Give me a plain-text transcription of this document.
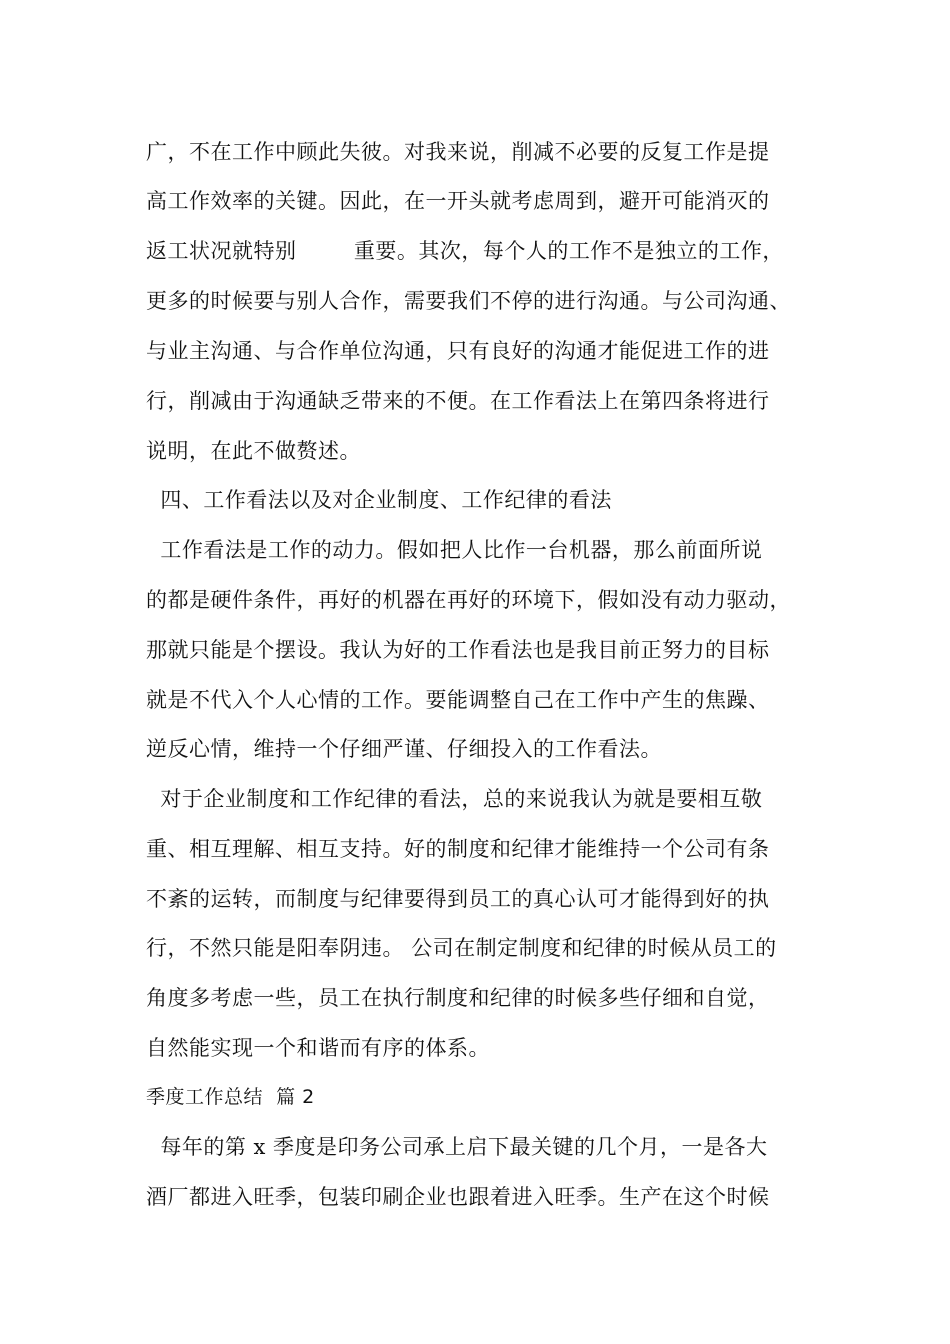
广，不在工作中顾此失彼。对我来说，削减不必要的反复工作是提
高工作效率的关键。因此，在一开头就考虑周到，避开可能消灭的
返工状况就特别        重要。其次，每个人的工作不是独立的工作，
更多的时候要与别人合作，需要我们不停的进行沟通。与公司沟通、
与业主沟通、与合作单位沟通，只有良好的沟通才能促进工作的进
行，削减由于沟通缺乏带来的不便。在工作看法上在第四条将进行
说明，在此不做赘述。
四、工作看法以及对企业制度、工作纪律的看法
工作看法是工作的动力。假如把人比作一台机器，那么前面所说
的都是硬件条件，再好的机器在再好的环境下，假如没有动力驱动，
那就只能是个摆设。我认为好的工作看法也是我目前正努力的目标
就是不代入个人心情的工作。要能调整自己在工作中产生的焦躁、
逆反心情，维持一个仔细严谨、仔细投入的工作看法。
对于企业制度和工作纪律的看法，总的来说我认为就是要相互敬
重、相互理解、相互支持。好的制度和纪律才能维持一个公司有条
不紊的运转，而制度与纪律要得到员工的真心认可才能得到好的执
行，不然只能是阳奉阴违。 公司在制定制度和纪律的时候从员工的
角度多考虑一些，员工在执行制度和纪律的时候多些仔细和自觉，
自然能实现一个和谐而有序的体系。
季度工作总结  篇 2
每年的第 x 季度是印务公司承上启下最关键的几个月，一是各大
酒厂都进入旺季，包装印刷企业也跟着进入旺季。生产在这个时候
